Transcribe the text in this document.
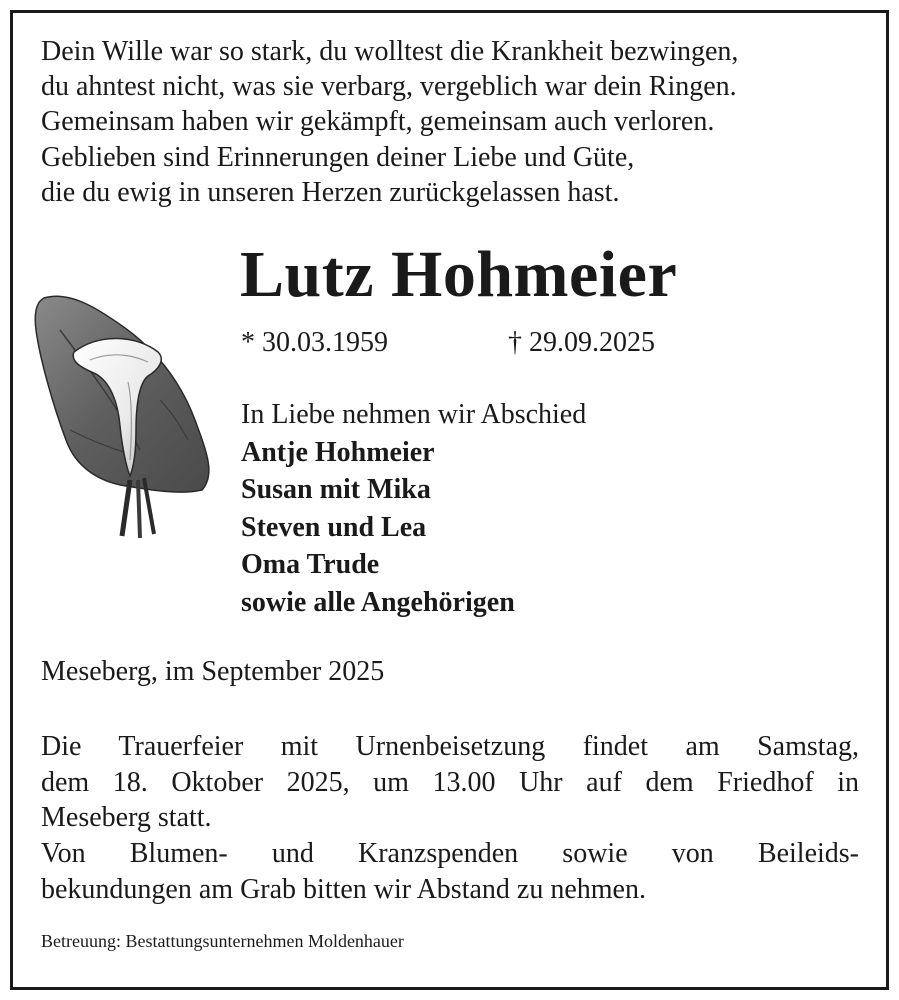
Dein Wille war so stark, du wolltest die Krankheit bezwingen,
du ahntest nicht, was sie verbarg, vergeblich war dein Ringen.
Gemeinsam haben wir gekämpft, gemeinsam auch verloren.
Geblieben sind Erinnerungen deiner Liebe und Güte,
die du ewig in unseren Herzen zurückgelassen hast.
Lutz Hohmeier
* 30.03.1959	† 29.09.2025
In Liebe nehmen wir Abschied
Antje Hohmeier
Susan mit Mika
Steven und Lea
Oma Trude
sowie alle Angehörigen
Meseberg, im September 2025
Die Trauerfeier mit Urnenbeisetzung findet am Samstag,
dem 18. Oktober 2025, um 13.00 Uhr auf dem Friedhof in
Meseberg statt.
Von Blumen- und Kranzspenden sowie von Beileids-
bekundungen am Grab bitten wir Abstand zu nehmen.
Betreuung: Bestattungsunternehmen Moldenhauer
